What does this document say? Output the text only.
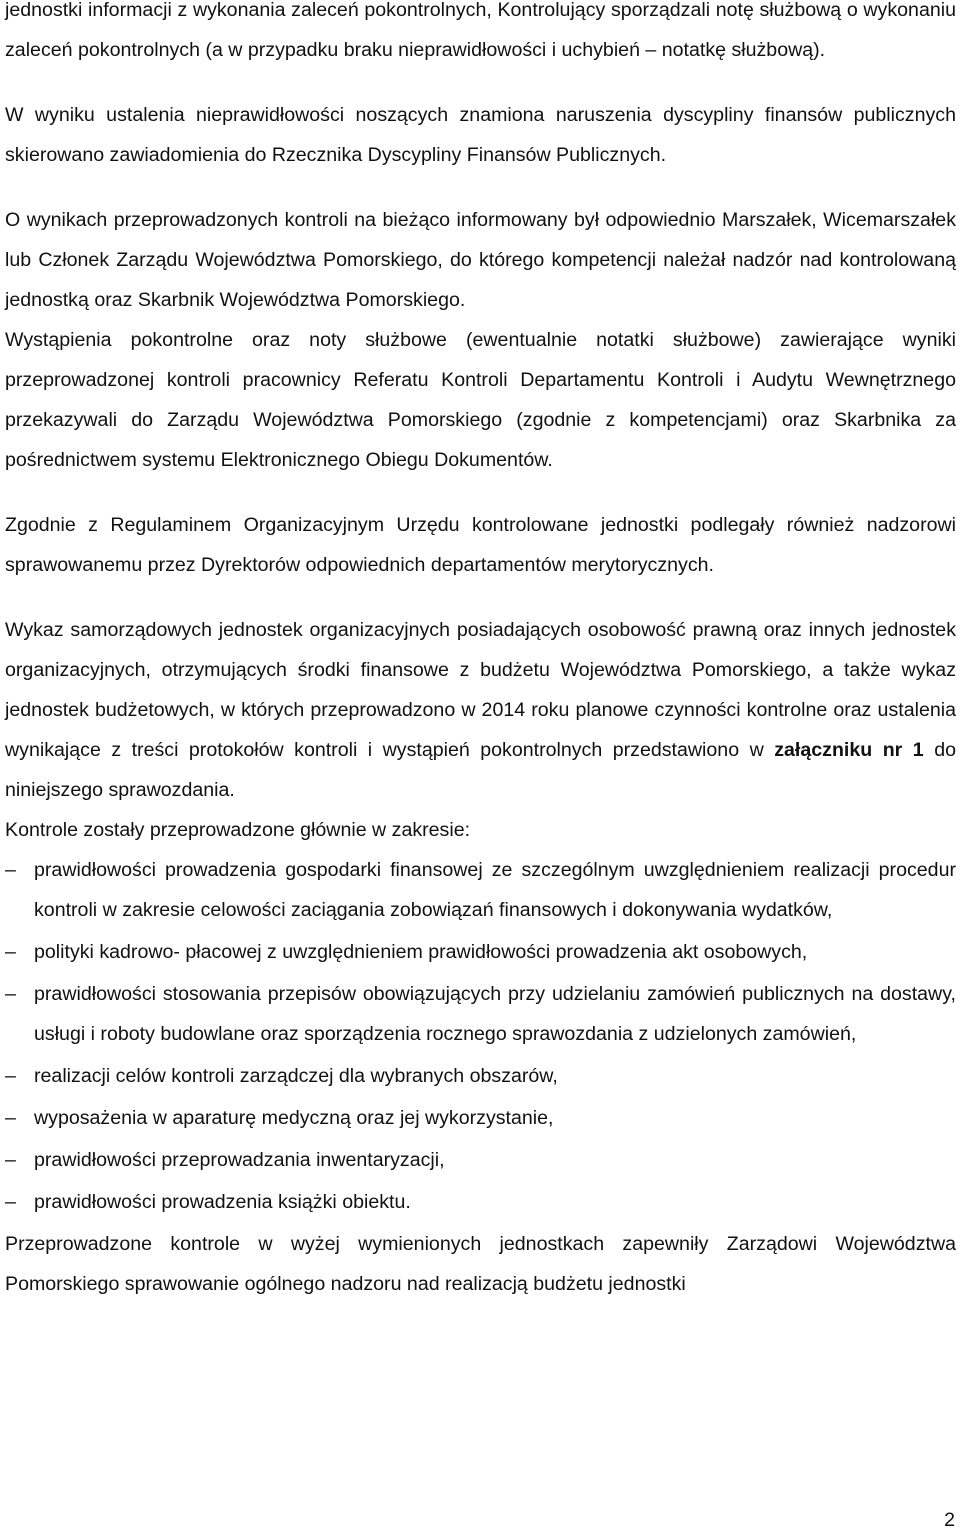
jednostki informacji z wykonania zaleceń pokontrolnych, Kontrolujący sporządzali notę służbową o wykonaniu zaleceń pokontrolnych (a w przypadku braku nieprawidłowości i uchybień – notatkę służbową).

W wyniku ustalenia nieprawidłowości noszących znamiona naruszenia dyscypliny finansów publicznych skierowano zawiadomienia do Rzecznika Dyscypliny Finansów Publicznych.

O wynikach przeprowadzonych kontroli na bieżąco informowany był odpowiednio Marszałek, Wicemarszałek lub Członek Zarządu Województwa Pomorskiego, do którego kompetencji należał nadzór nad kontrolowaną jednostką oraz Skarbnik Województwa Pomorskiego.

Wystąpienia pokontrolne oraz noty służbowe (ewentualnie notatki służbowe) zawierające wyniki przeprowadzonej kontroli pracownicy Referatu Kontroli Departamentu Kontroli i Audytu Wewnętrznego przekazywali do Zarządu Województwa Pomorskiego (zgodnie z kompetencjami) oraz Skarbnika za pośrednictwem systemu Elektronicznego Obiegu Dokumentów.

Zgodnie z Regulaminem Organizacyjnym Urzędu kontrolowane jednostki podlegały również nadzorowi sprawowanemu przez Dyrektorów odpowiednich departamentów merytorycznych.

Wykaz samorządowych jednostek organizacyjnych posiadających osobowość prawną oraz innych jednostek organizacyjnych, otrzymujących środki finansowe z budżetu Województwa Pomorskiego, a także wykaz jednostek budżetowych, w których przeprowadzono w 2014 roku planowe czynności kontrolne oraz ustalenia wynikające z treści protokołów kontroli i wystąpień pokontrolnych przedstawiono w załączniku nr 1 do niniejszego sprawozdania.

Kontrole zostały przeprowadzone głównie w zakresie:

– prawidłowości prowadzenia gospodarki finansowej ze szczególnym uwzględnieniem realizacji procedur kontroli w zakresie celowości zaciągania zobowiązań finansowych i dokonywania wydatków,
– polityki kadrowo- płacowej z uwzględnieniem prawidłowości prowadzenia akt osobowych,
– prawidłowości stosowania przepisów obowiązujących przy udzielaniu zamówień publicznych na dostawy, usługi i roboty budowlane oraz sporządzenia rocznego sprawozdania z udzielonych zamówień,
– realizacji celów kontroli zarządczej dla wybranych obszarów,
– wyposażenia w aparaturę medyczną oraz jej wykorzystanie,
– prawidłowości przeprowadzania inwentaryzacji,
– prawidłowości prowadzenia książki obiektu.

Przeprowadzone kontrole w wyżej wymienionych jednostkach zapewniły Zarządowi Województwa Pomorskiego sprawowanie ogólnego nadzoru nad realizacją budżetu jednostki

2
